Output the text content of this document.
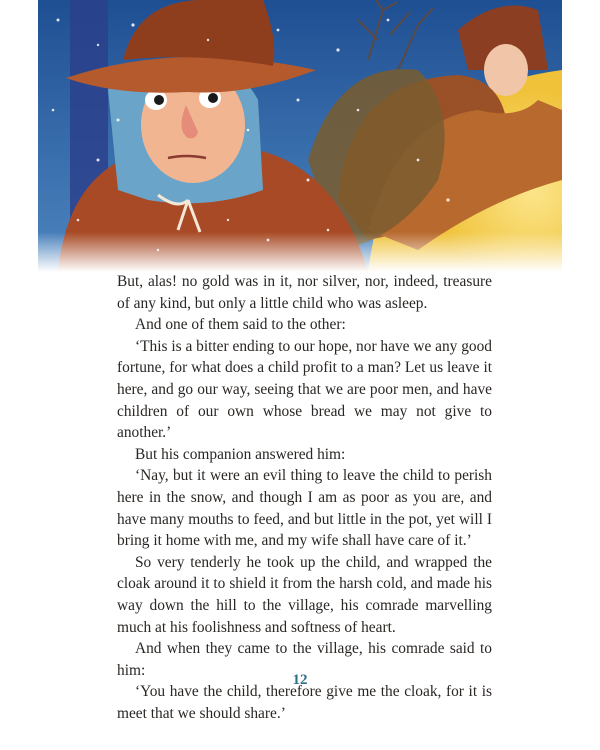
But, alas! no gold was in it, nor silver, nor, indeed, treasure of any kind, but only a little child who was asleep.

And one of them said to the other:

‘This is a bitter ending to our hope, nor have we any good fortune, for what does a child profit to a man? Let us leave it here, and go our way, seeing that we are poor men, and have children of our own whose bread we may not give to another.’

But his companion answered him:

‘Nay, but it were an evil thing to leave the child to perish here in the snow, and though I am as poor as you are, and have many mouths to feed, and but little in the pot, yet will I bring it home with me, and my wife shall have care of it.’

So very tenderly he took up the child, and wrapped the cloak around it to shield it from the harsh cold, and made his way down the hill to the village, his comrade marvelling much at his foolishness and softness of heart.

And when they came to the village, his comrade said to him:

‘You have the child, therefore give me the cloak, for it is meet that we should share.’

12
